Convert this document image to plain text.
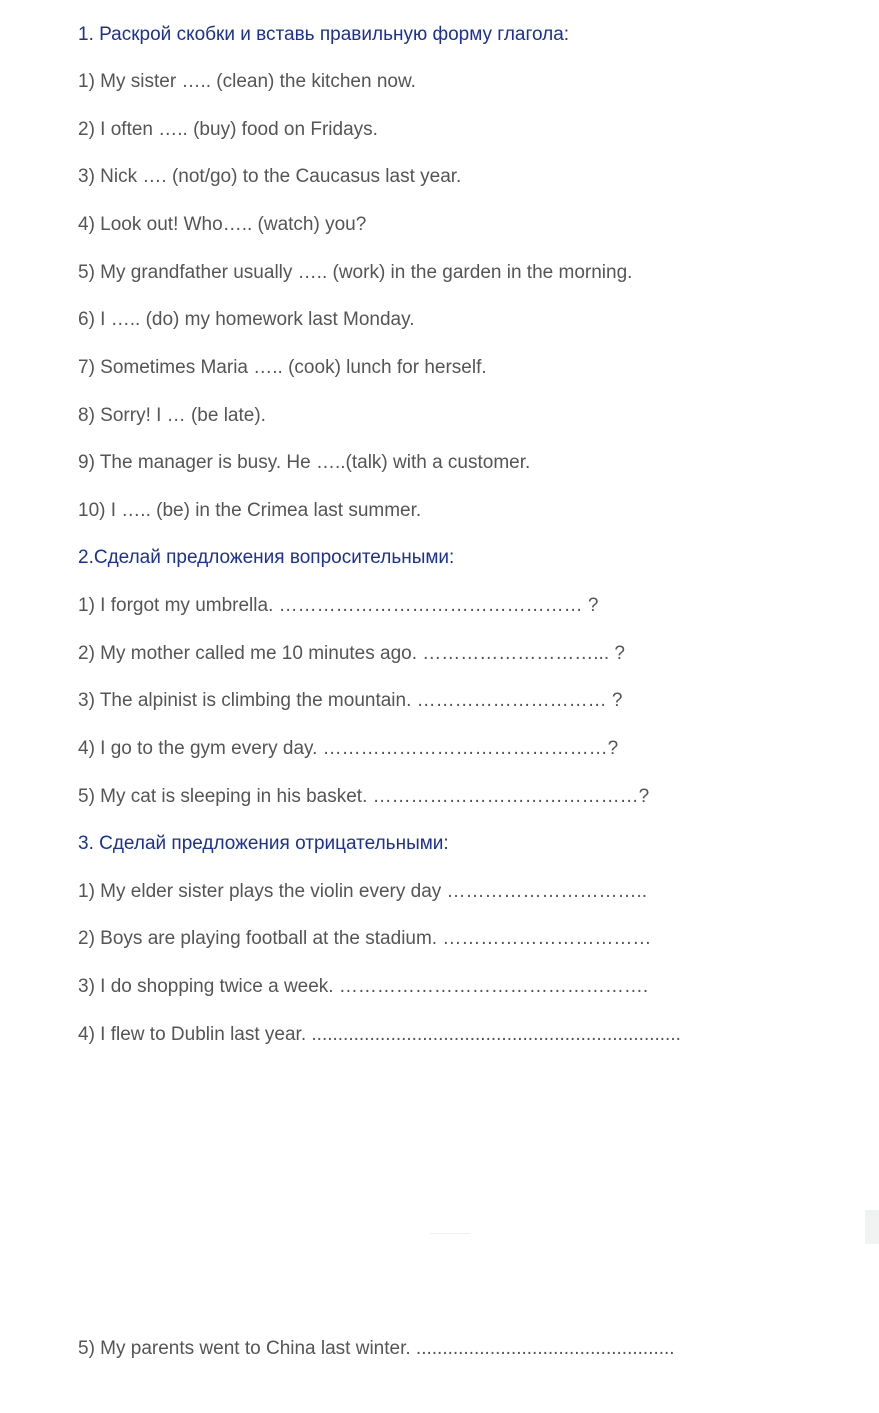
1. Раскрой скобки и вставь правильную форму глагола:
1) My sister ….. (clean) the kitchen now.
2) I often ….. (buy) food on Fridays.
3) Nick …. (not/go) to the Caucasus last year.
4) Look out! Who….. (watch) you?
5) My grandfather usually ….. (work) in the garden in the morning.
6) I ….. (do) my homework last Monday.
7) Sometimes Maria ….. (cook) lunch for herself.
8) Sorry! I … (be late).
9) The manager is busy. He …..(talk) with a customer.
10) I ….. (be) in the Crimea last summer.
2.Сделай предложения вопросительными:
1) I forgot my umbrella. ………………………………………… ?
2) My mother called me 10 minutes ago. ………………………... ?
3) The alpinist is climbing the mountain. ………………………… ?
4) I go to the gym every day. ………………………………………?
5) My cat is sleeping in his basket. ……………………………………?
3. Сделай предложения отрицательными:
1) My elder sister plays the violin every day …………………………..
2) Boys are playing football at the stadium. ……………………………
3) I do shopping twice a week. ………………………………………….
4) I flew to Dublin last year. ......................................................................
5) My parents went to China last winter. .................................................
